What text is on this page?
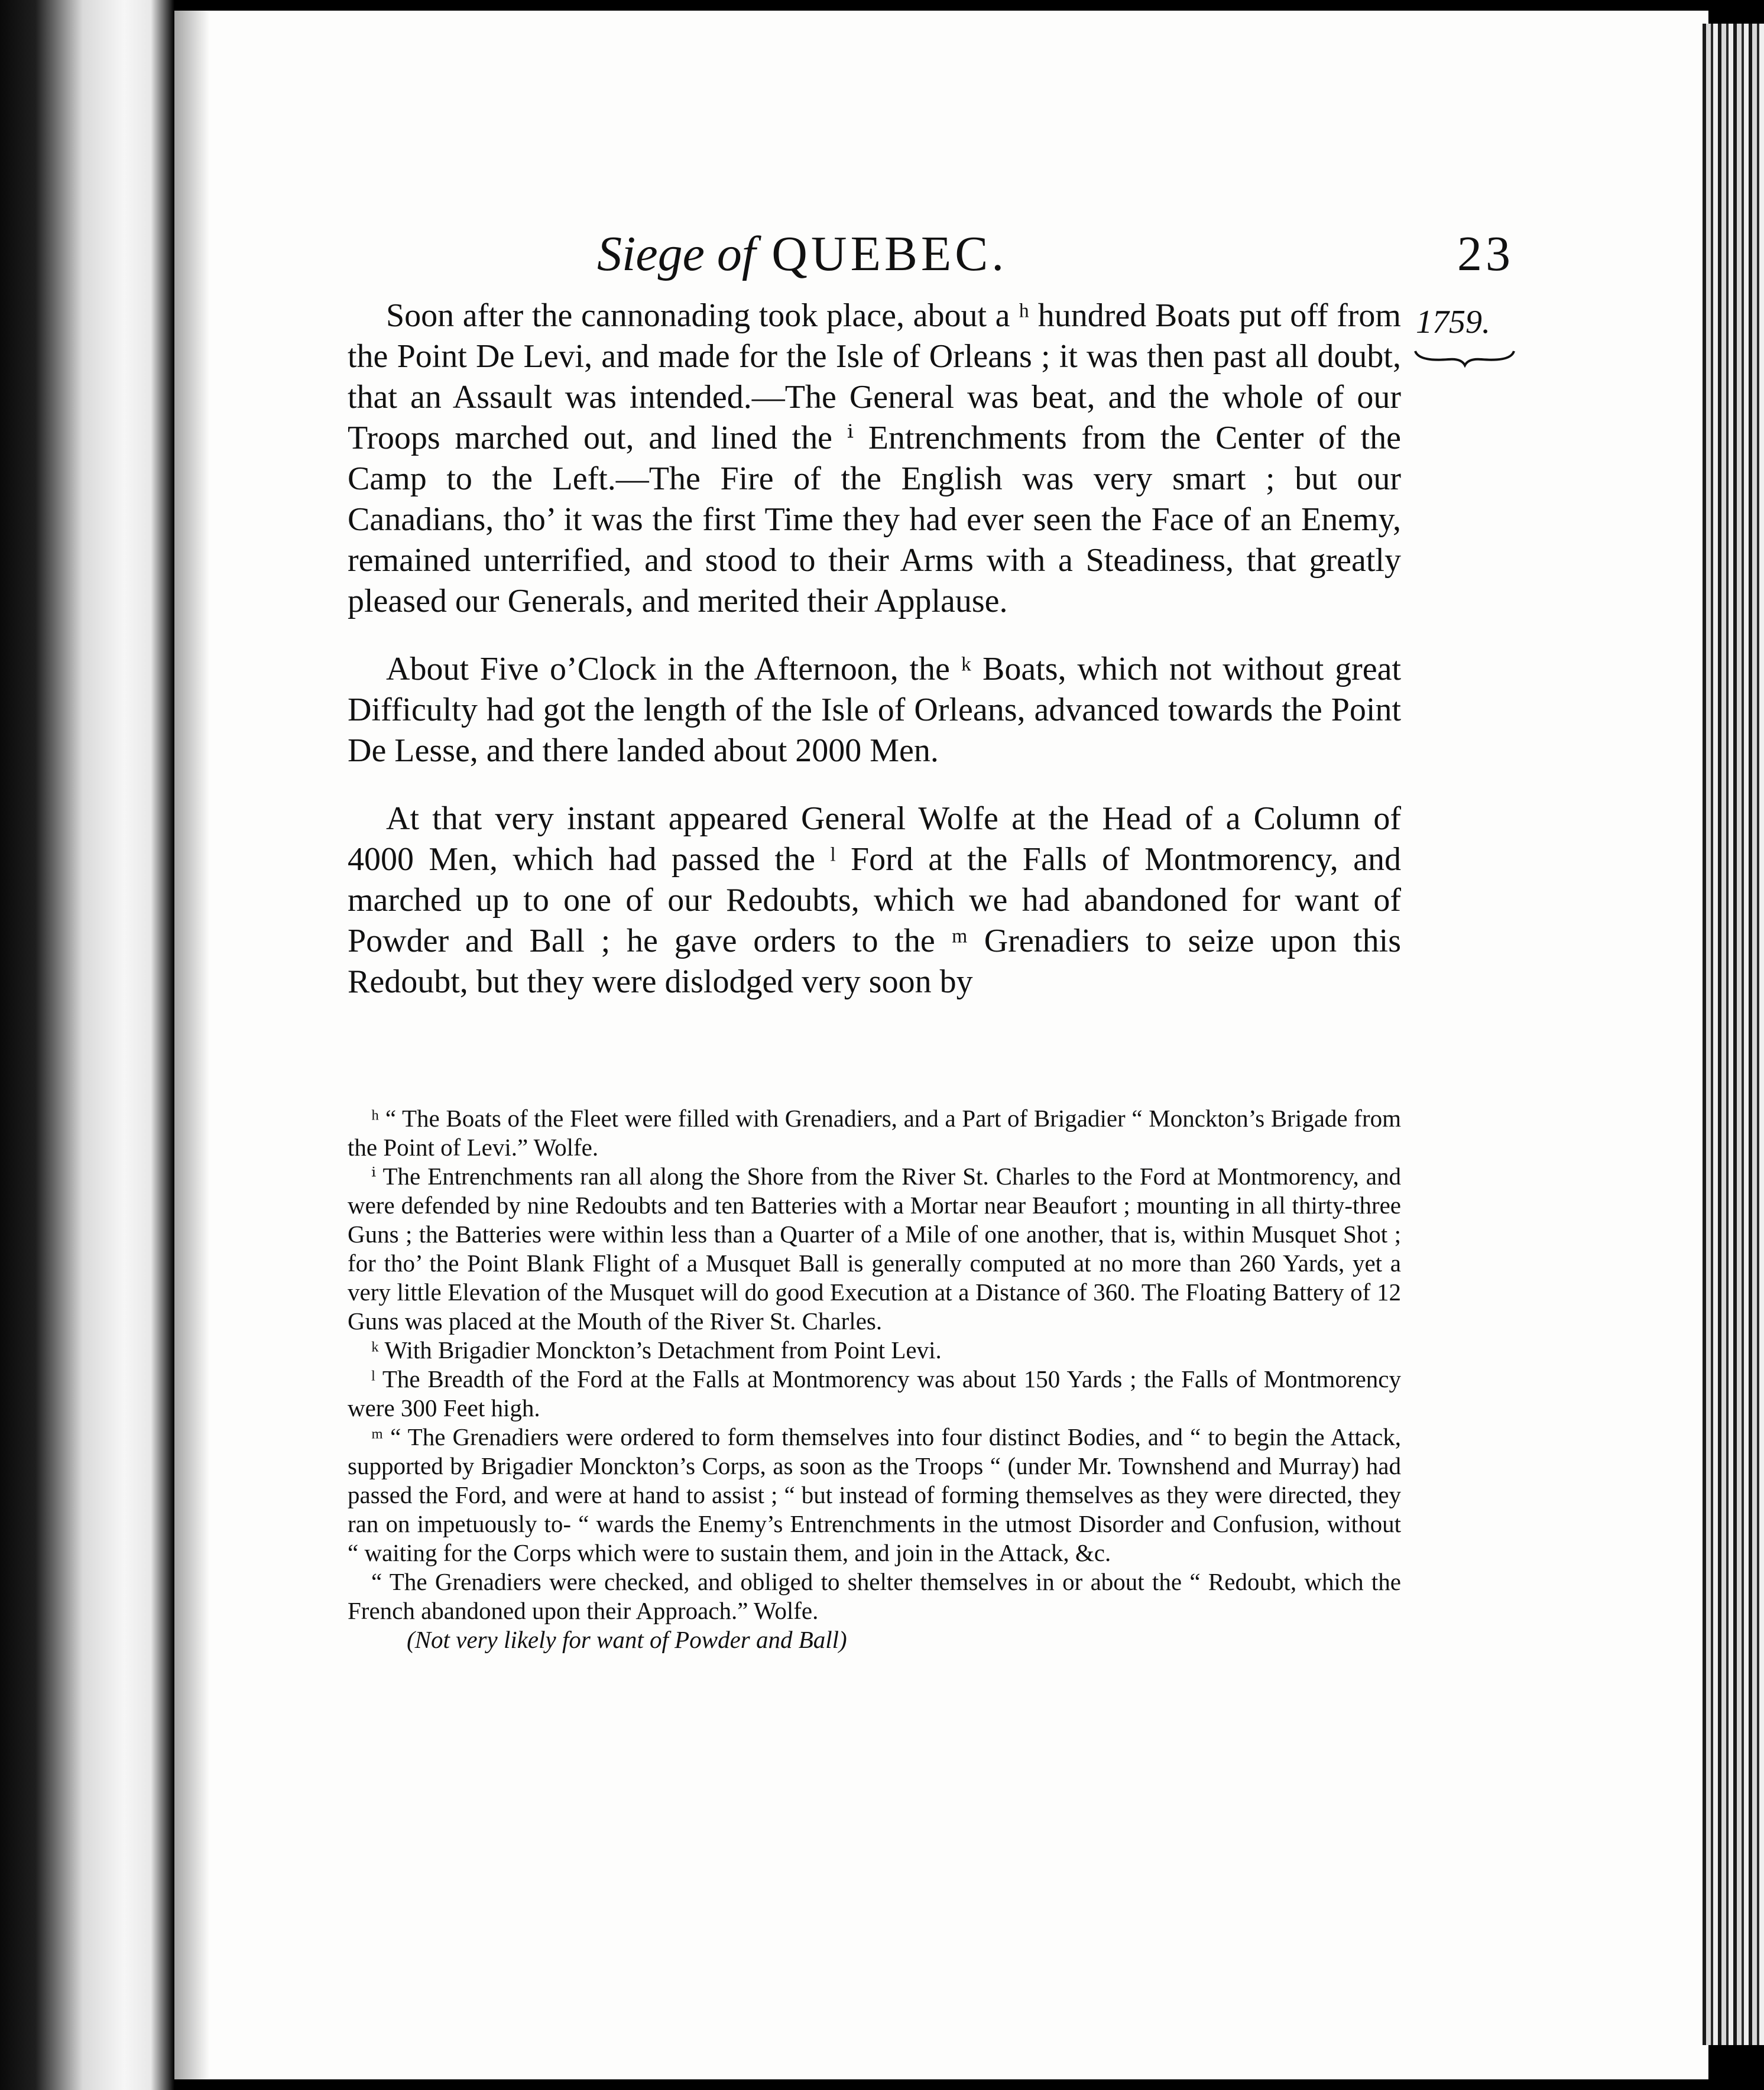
Siege of QUEBEC.	23
1759.

Soon after the cannonading took place, about a ʰ hundred Boats put off from the Point De Levi, and made for the Isle of Orleans ; it was then past all doubt, that an Assault was intended.—The General was beat, and the whole of our Troops marched out, and lined the ⁱ Entrenchments from the Center of the Camp to the Left.—The Fire of the English was very smart ; but our Canadians, tho’ it was the first Time they had ever seen the Face of an Enemy, remained unterrified, and stood to their Arms with a Steadiness, that greatly pleased our Generals, and merited their Applause.

About Five o’Clock in the Afternoon, the ᵏ Boats, which not without great Difficulty had got the length of the Isle of Orleans, advanced towards the Point De Lesse, and there landed about 2000 Men.

At that very instant appeared General Wolfe at the Head of a Column of 4000 Men, which had passed the ˡ Ford at the Falls of Montmorency, and marched up to one of our Redoubts, which we had abandoned for want of Powder and Ball ; he gave orders to the ᵐ Grenadiers to seize upon this Redoubt, but they were dislodged very soon by

ʰ “ The Boats of the Fleet were filled with Grenadiers, and a Part of Brigadier “ Monckton’s Brigade from the Point of Levi.” Wolfe.

ⁱ The Entrenchments ran all along the Shore from the River St. Charles to the Ford at Montmorency, and were defended by nine Redoubts and ten Batteries with a Mortar near Beaufort ; mounting in all thirty-three Guns ; the Batteries were within less than a Quarter of a Mile of one another, that is, within Musquet Shot ; for tho’ the Point Blank Flight of a Musquet Ball is generally computed at no more than 260 Yards, yet a very little Elevation of the Musquet will do good Execution at a Distance of 360. The Floating Battery of 12 Guns was placed at the Mouth of the River St. Charles.

ᵏ With Brigadier Monckton’s Detachment from Point Levi.

ˡ The Breadth of the Ford at the Falls at Montmorency was about 150 Yards ; the Falls of Montmorency were 300 Feet high.

ᵐ “ The Grenadiers were ordered to form themselves into four distinct Bodies, and “ to begin the Attack, supported by Brigadier Monckton’s Corps, as soon as the Troops “ (under Mr. Townshend and Murray) had passed the Ford, and were at hand to assist ; “ but instead of forming themselves as they were directed, they ran on impetuously to- “ wards the Enemy’s Entrenchments in the utmost Disorder and Confusion, without “ waiting for the Corps which were to sustain them, and join in the Attack, &c.

“ The Grenadiers were checked, and obliged to shelter themselves in or about the “ Redoubt, which the French abandoned upon their Approach.” Wolfe.

(Not very likely for want of Powder and Ball)
